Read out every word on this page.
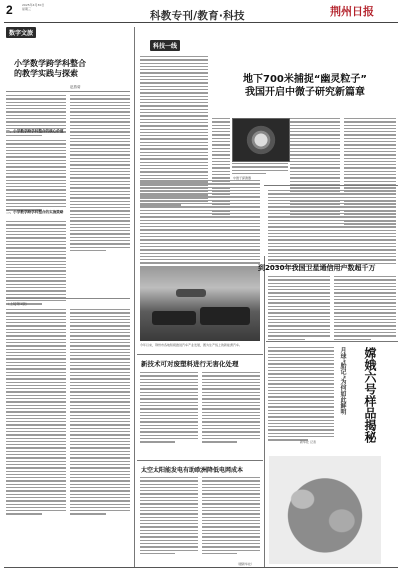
2	2025年4月30日
星期三
科教专刊/教育·科技	荆州日报
数字文旅
小学数学跨学科整合
的教学实践与探索
赵燕菊
一、小学数学跨学科整合的核心价值
二、小学数学跨学科整合的实施策略
（上接第1版）
科技一线
地下700米捕捉“幽灵粒子”
我国开启中微子研究新篇章
中微子探测器
今年以来，荆州市各地积极推进汽车产业发展，图为生产线上的新能源汽车。
新技术可对废塑料进行无害化处理
太空太阳能发电有助欧洲降低电网成本
到2030年我国卫星通信用户数超千万
月球“胎记”为何如此鲜明	嫦娥六号样品揭秘
新华社 记者
（据新华社）
